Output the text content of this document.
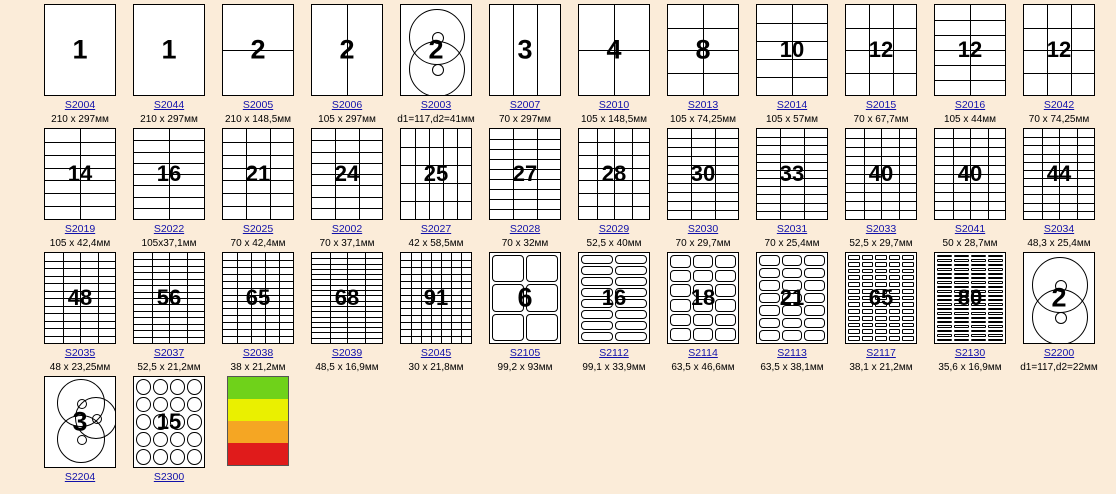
1
S2004
210 x 297мм
1
S2044
210 x 297мм
2
S2005
210 x 148,5мм
2
S2006
105 x 297мм
2
S2003
d1=117,d2=41мм
3
S2007
70 x 297мм
4
S2010
105 x 148,5мм
8
S2013
105 x 74,25мм
10
S2014
105 x 57мм
12
S2015
70 x 67,7мм
12
S2016
105 x 44мм
12
S2042
70 x 74,25мм
14
S2019
105 x 42,4мм
16
S2022
105x37,1мм
21
S2025
70 x 42,4мм
24
S2002
70 x 37,1мм
25
S2027
42 x 58,5мм
27
S2028
70 x 32мм
28
S2029
52,5 x 40мм
30
S2030
70 x 29,7мм
33
S2031
70 x 25,4мм
40
S2033
52,5 x 29,7мм
40
S2041
50 x 28,7мм
44
S2034
48,3 x 25,4мм
48
S2035
48 x 23,25мм
56
S2037
52,5 x 21,2мм
65
S2038
38 x 21,2мм
68
S2039
48,5 x 16,9мм
91
S2045
30 x 21,8мм
6
S2105
99,2 x 93мм
16
S2112
99,1 x 33,9мм
18
S2114
63,5 x 46,6мм
21
S2113
63,5 x 38,1мм
65
S2117
38,1 x 21,2мм
80
S2130
35,6 x 16,9мм
2
S2200
d1=117,d2=22мм
3
S2204
15
S2300
